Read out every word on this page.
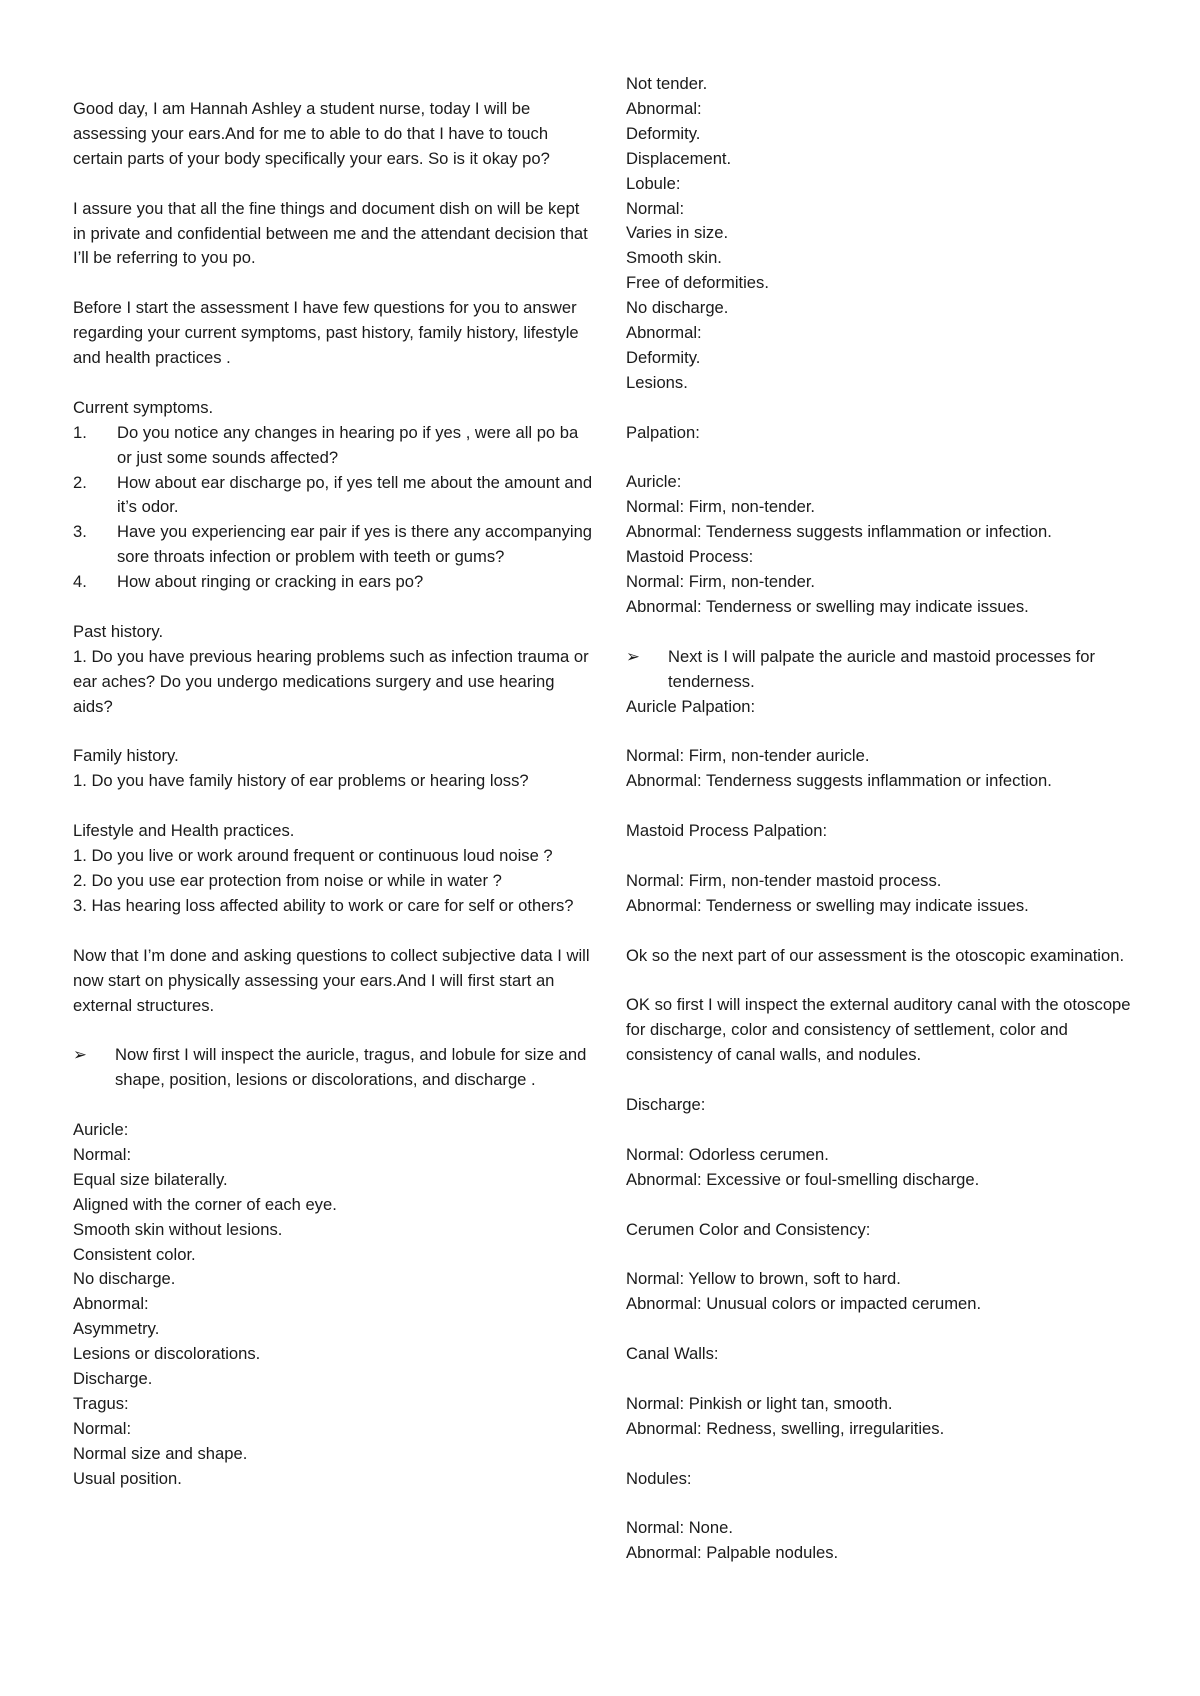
Good day, I am Hannah Ashley a student nurse, today I will be assessing your ears.And for me to able to do that I have to touch certain parts of your body specifically your ears. So is it okay po?
I assure you that all the fine things and document dish on will be kept in private and confidential between me and the attendant decision that I’ll be referring to you po.
Before I start the assessment I have few questions for you to answer regarding your current symptoms, past history, family history, lifestyle and health practices .
Current symptoms.
1. Do you notice any changes in hearing po if yes , were all po ba or just some sounds affected?
2. How about ear discharge po, if yes tell me about the amount and it’s odor.
3. Have you experiencing ear pair if yes is there any accompanying sore throats infection or problem with teeth or gums?
4. How about ringing or cracking in ears po?
Past history.
1. Do you have previous hearing problems such as infection trauma or ear aches? Do you undergo medications surgery and use hearing aids?
Family history.
1. Do you have family history of ear problems or hearing loss?
Lifestyle and Health practices.
1. Do you live or work around frequent or continuous loud noise ?
2. Do you use ear protection from noise or while in water ?
3. Has hearing loss affected ability to work or care for self or others?
Now that I’m done and asking questions to collect subjective data I will now start on physically assessing your ears.And I will first start an external structures.
➢ Now first I will inspect the auricle, tragus, and lobule for size and shape, position, lesions or discolorations, and discharge .
Auricle:
Normal:
Equal size bilaterally.
Aligned with the corner of each eye.
Smooth skin without lesions.
Consistent color.
No discharge.
Abnormal:
Asymmetry.
Lesions or discolorations.
Discharge.
Tragus:
Normal:
Normal size and shape.
Usual position.
Not tender.
Abnormal:
Deformity.
Displacement.
Lobule:
Normal:
Varies in size.
Smooth skin.
Free of deformities.
No discharge.
Abnormal:
Deformity.
Lesions.
Palpation:
Auricle:
Normal: Firm, non-tender.
Abnormal: Tenderness suggests inflammation or infection.
Mastoid Process:
Normal: Firm, non-tender.
Abnormal: Tenderness or swelling may indicate issues.
➢ Next is I will palpate the auricle and mastoid processes for tenderness.
Auricle Palpation:
Normal: Firm, non-tender auricle.
Abnormal: Tenderness suggests inflammation or infection.
Mastoid Process Palpation:
Normal: Firm, non-tender mastoid process.
Abnormal: Tenderness or swelling may indicate issues.
Ok so the next part of our assessment is the otoscopic examination.
OK so first I will inspect the external auditory canal with the otoscope for discharge, color and consistency of settlement, color and consistency of canal walls, and nodules.
Discharge:
Normal: Odorless cerumen.
Abnormal: Excessive or foul-smelling discharge.
Cerumen Color and Consistency:
Normal: Yellow to brown, soft to hard.
Abnormal: Unusual colors or impacted cerumen.
Canal Walls:
Normal: Pinkish or light tan, smooth.
Abnormal: Redness, swelling, irregularities.
Nodules:
Normal: None.
Abnormal: Palpable nodules.
